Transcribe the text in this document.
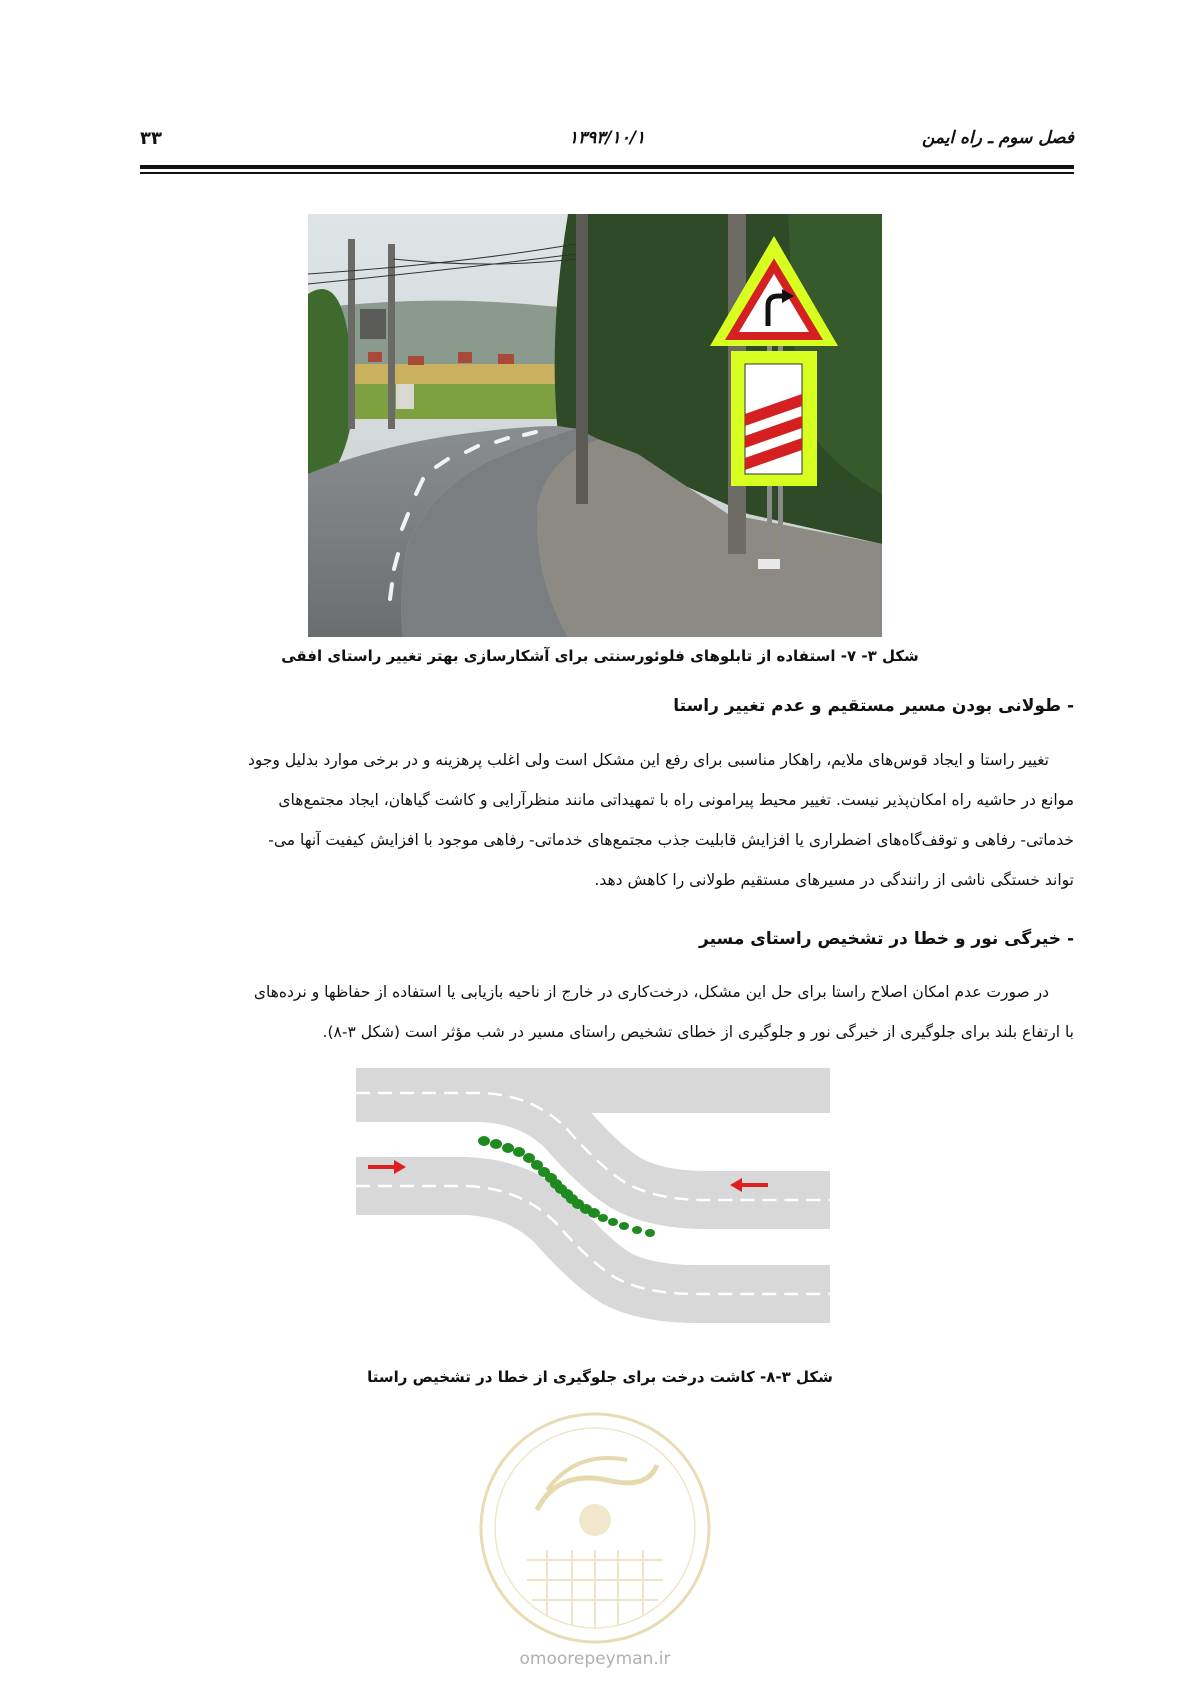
فصل سوم ـ راه ایمن
۱۳۹۳/۱۰/۱
۳۳
شکل ۳- ۷- استفاده از تابلوهای فلوئورسنتی برای آشکارسازی بهتر تغییر راستای افقی
- طولانی بودن مسیر مستقیم و عدم تغییر راستا
تغییر راستا و ایجاد قوس‌های ملایم، راهکار مناسبی برای رفع این مشکل است ولی اغلب پرهزینه و در برخی موارد بدلیل وجود
موانع در حاشیه راه امکان‌پذیر نیست. تغییر محیط پیرامونی راه با تمهیداتی مانند منظرآرایی و کاشت گیاهان، ایجاد مجتمع‌های
خدماتی- رفاهی و توقف‌گاه‌های اضطراری یا افزایش قابلیت جذب مجتمع‌های خدماتی- رفاهی موجود با افزایش کیفیت آنها می-
تواند خستگی ناشی از رانندگی در مسیرهای مستقیم طولانی را کاهش دهد.
- خیرگی نور و خطا در تشخیص راستای مسیر
در صورت عدم امکان اصلاح راستا برای حل این مشکل، درخت‌کاری در خارج از ناحیه بازیابی یا استفاده از حفاظها و نرده‌های
با ارتفاع بلند برای جلوگیری از خیرگی نور و جلوگیری از خطای تشخیص راستای مسیر در شب مؤثر است (شکل ۳-۸).
شکل ۳-۸- کاشت درخت برای جلوگیری از خطا در تشخیص راستا
omoorepeyman.ir
